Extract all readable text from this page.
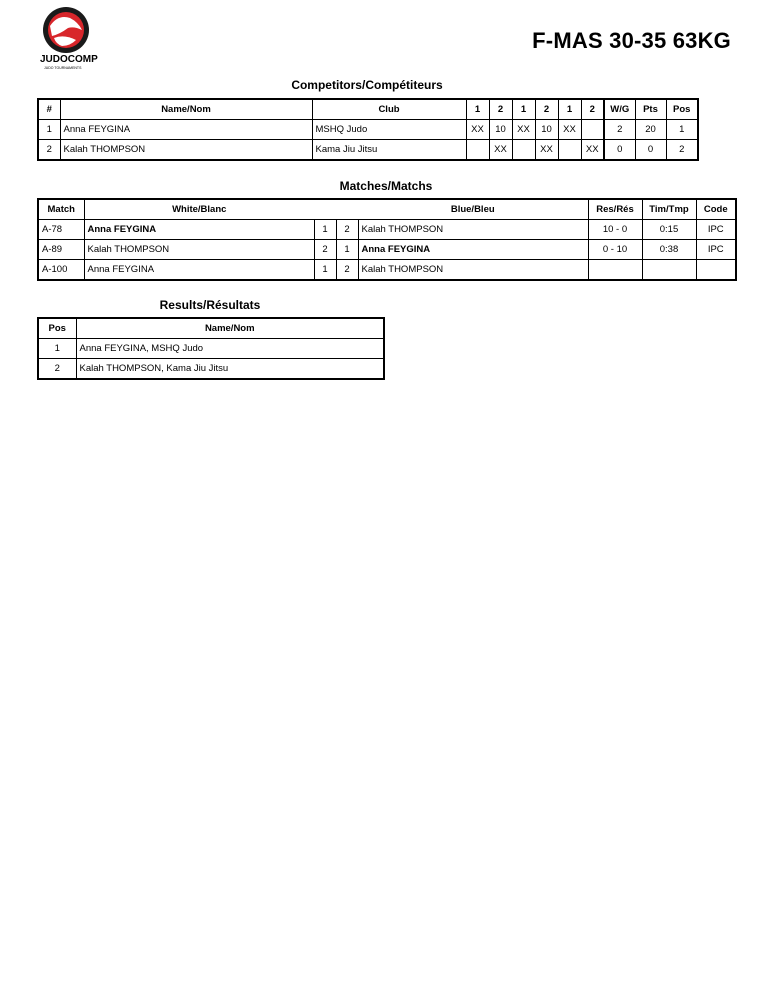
JUDOCOMP
JUDO TOURNAMENTS
F-MAS 30-35 63KG
Competitors/Compétiteurs
#	Name/Nom	Club	1	2	1	2	1	2	W/G	Pts	Pos
1	Anna FEYGINA	MSHQ Judo	XX	10	XX	10	XX		2	20	1
2	Kalah THOMPSON	Kama Jiu Jitsu		XX		XX		XX	0	0	2
Matches/Matchs
Match	White/Blanc			Blue/Bleu	Res/Rés	Tim/Tmp	Code
A-78	Anna FEYGINA	1	2	Kalah THOMPSON	10 - 0	0:15	IPC
A-89	Kalah THOMPSON	2	1	Anna FEYGINA	0 - 10	0:38	IPC
A-100	Anna FEYGINA	1	2	Kalah THOMPSON			
Results/Résultats
Pos	Name/Nom
1	Anna FEYGINA, MSHQ Judo
2	Kalah THOMPSON, Kama Jiu Jitsu
